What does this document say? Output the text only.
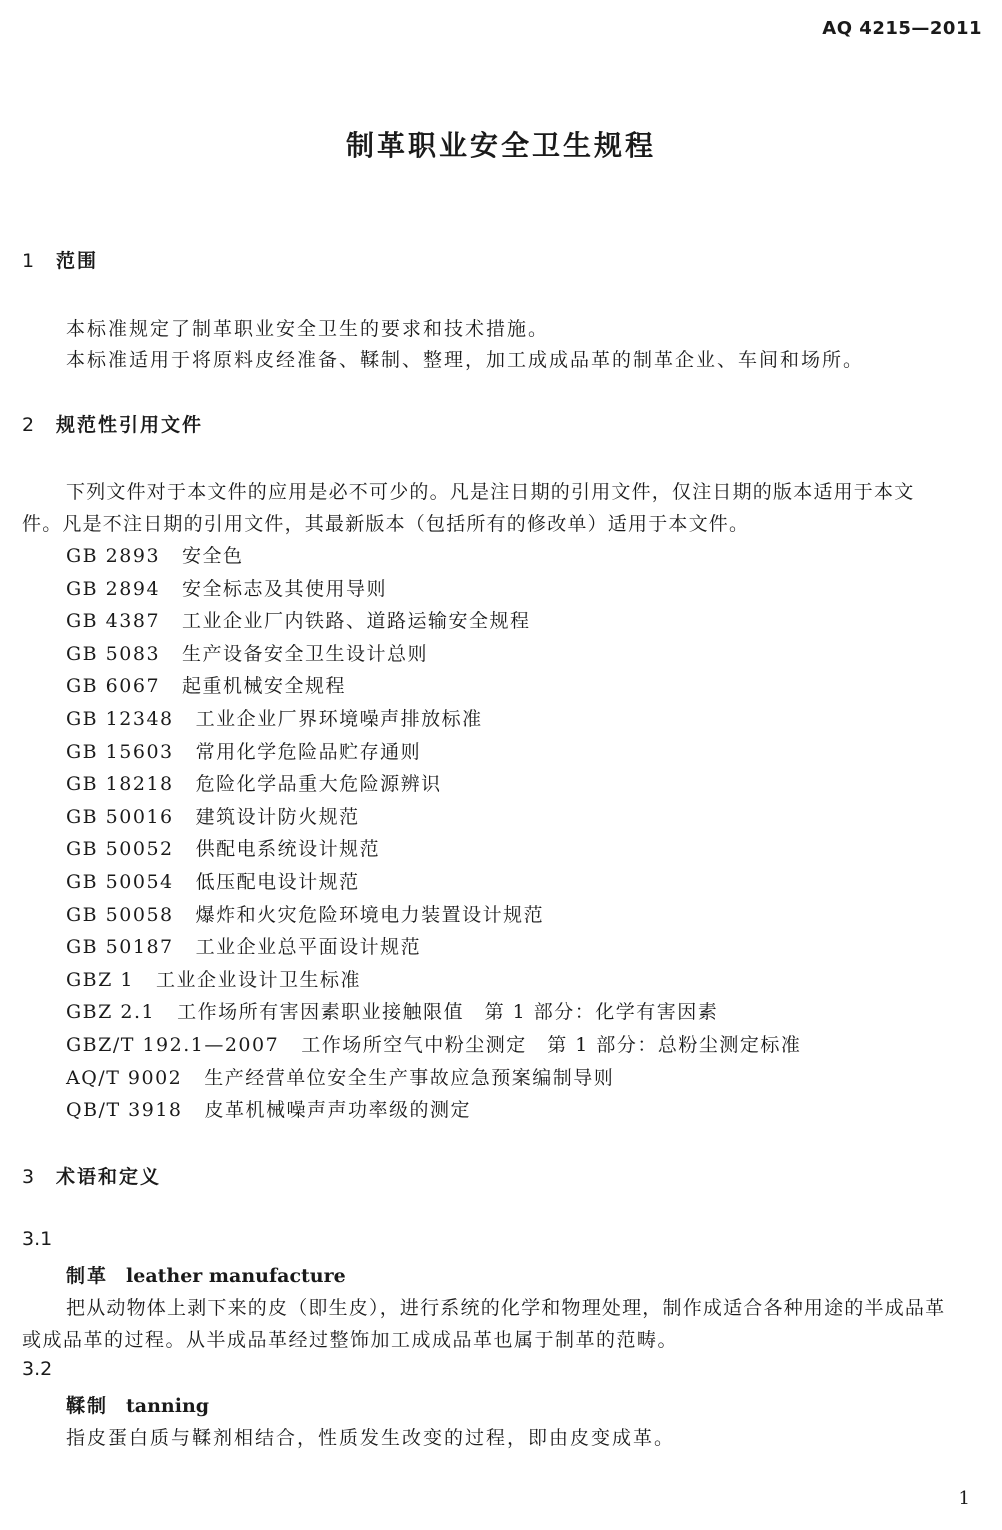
AQ 4215—2011
制革职业安全卫生规程
1 范围
本标准规定了制革职业安全卫生的要求和技术措施。
本标准适用于将原料皮经准备、鞣制、整理，加工成成品革的制革企业、车间和场所。
2 规范性引用文件
下列文件对于本文件的应用是必不可少的。凡是注日期的引用文件，仅注日期的版本适用于本文
件。凡是不注日期的引用文件，其最新版本（包括所有的修改单）适用于本文件。
GB 2893 安全色
GB 2894 安全标志及其使用导则
GB 4387 工业企业厂内铁路、道路运输安全规程
GB 5083 生产设备安全卫生设计总则
GB 6067 起重机械安全规程
GB 12348 工业企业厂界环境噪声排放标准
GB 15603 常用化学危险品贮存通则
GB 18218 危险化学品重大危险源辨识
GB 50016 建筑设计防火规范
GB 50052 供配电系统设计规范
GB 50054 低压配电设计规范
GB 50058 爆炸和火灾危险环境电力装置设计规范
GB 50187 工业企业总平面设计规范
GBZ 1 工业企业设计卫生标准
GBZ 2.1 工作场所有害因素职业接触限值　第 1 部分：化学有害因素
GBZ/T 192.1—2007 工作场所空气中粉尘测定　第 1 部分：总粉尘测定标准
AQ/T 9002 生产经营单位安全生产事故应急预案编制导则
QB/T 3918 皮革机械噪声声功率级的测定
3 术语和定义
3.1
制革 leather manufacture
把从动物体上剥下来的皮（即生皮），进行系统的化学和物理处理，制作成适合各种用途的半成品革
或成品革的过程。从半成品革经过整饰加工成成品革也属于制革的范畴。
3.2
鞣制 tanning
指皮蛋白质与鞣剂相结合，性质发生改变的过程，即由皮变成革。
1
